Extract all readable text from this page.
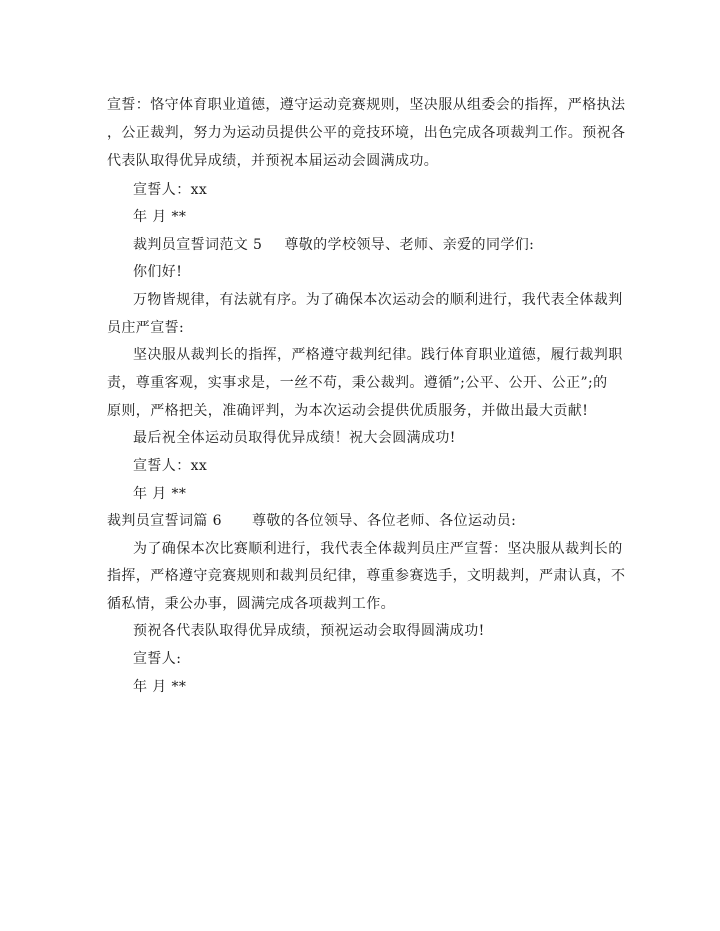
宣誓：恪守体育职业道德，遵守运动竞赛规则，坚决服从组委会的指挥，严格执法
，公正裁判，努力为运动员提供公平的竞技环境，出色完成各项裁判工作。预祝各
代表队取得优异成绩，并预祝本届运动会圆满成功。
宣誓人：xx
年 月 **
裁判员宣誓词范文 5 尊敬的学校领导、老师、亲爱的同学们:
你们好!
万物皆规律，有法就有序。为了确保本次运动会的顺利进行，我代表全体裁判
员庄严宣誓:
坚决服从裁判长的指挥，严格遵守裁判纪律。践行体育职业道德，履行裁判职
责，尊重客观，实事求是，一丝不苟，秉公裁判。遵循”;公平、公开、公正”;的
原则，严格把关，准确评判，为本次运动会提供优质服务，并做出最大贡献!
最后祝全体运动员取得优异成绩！祝大会圆满成功!
宣誓人：xx
年 月 **
裁判员宣誓词篇 6 尊敬的各位领导、各位老师、各位运动员:
为了确保本次比赛顺利进行，我代表全体裁判员庄严宣誓：坚决服从裁判长的
指挥，严格遵守竞赛规则和裁判员纪律，尊重参赛选手，文明裁判，严肃认真，不
循私情，秉公办事，圆满完成各项裁判工作。
预祝各代表队取得优异成绩，预祝运动会取得圆满成功!
宣誓人:
年 月 **
